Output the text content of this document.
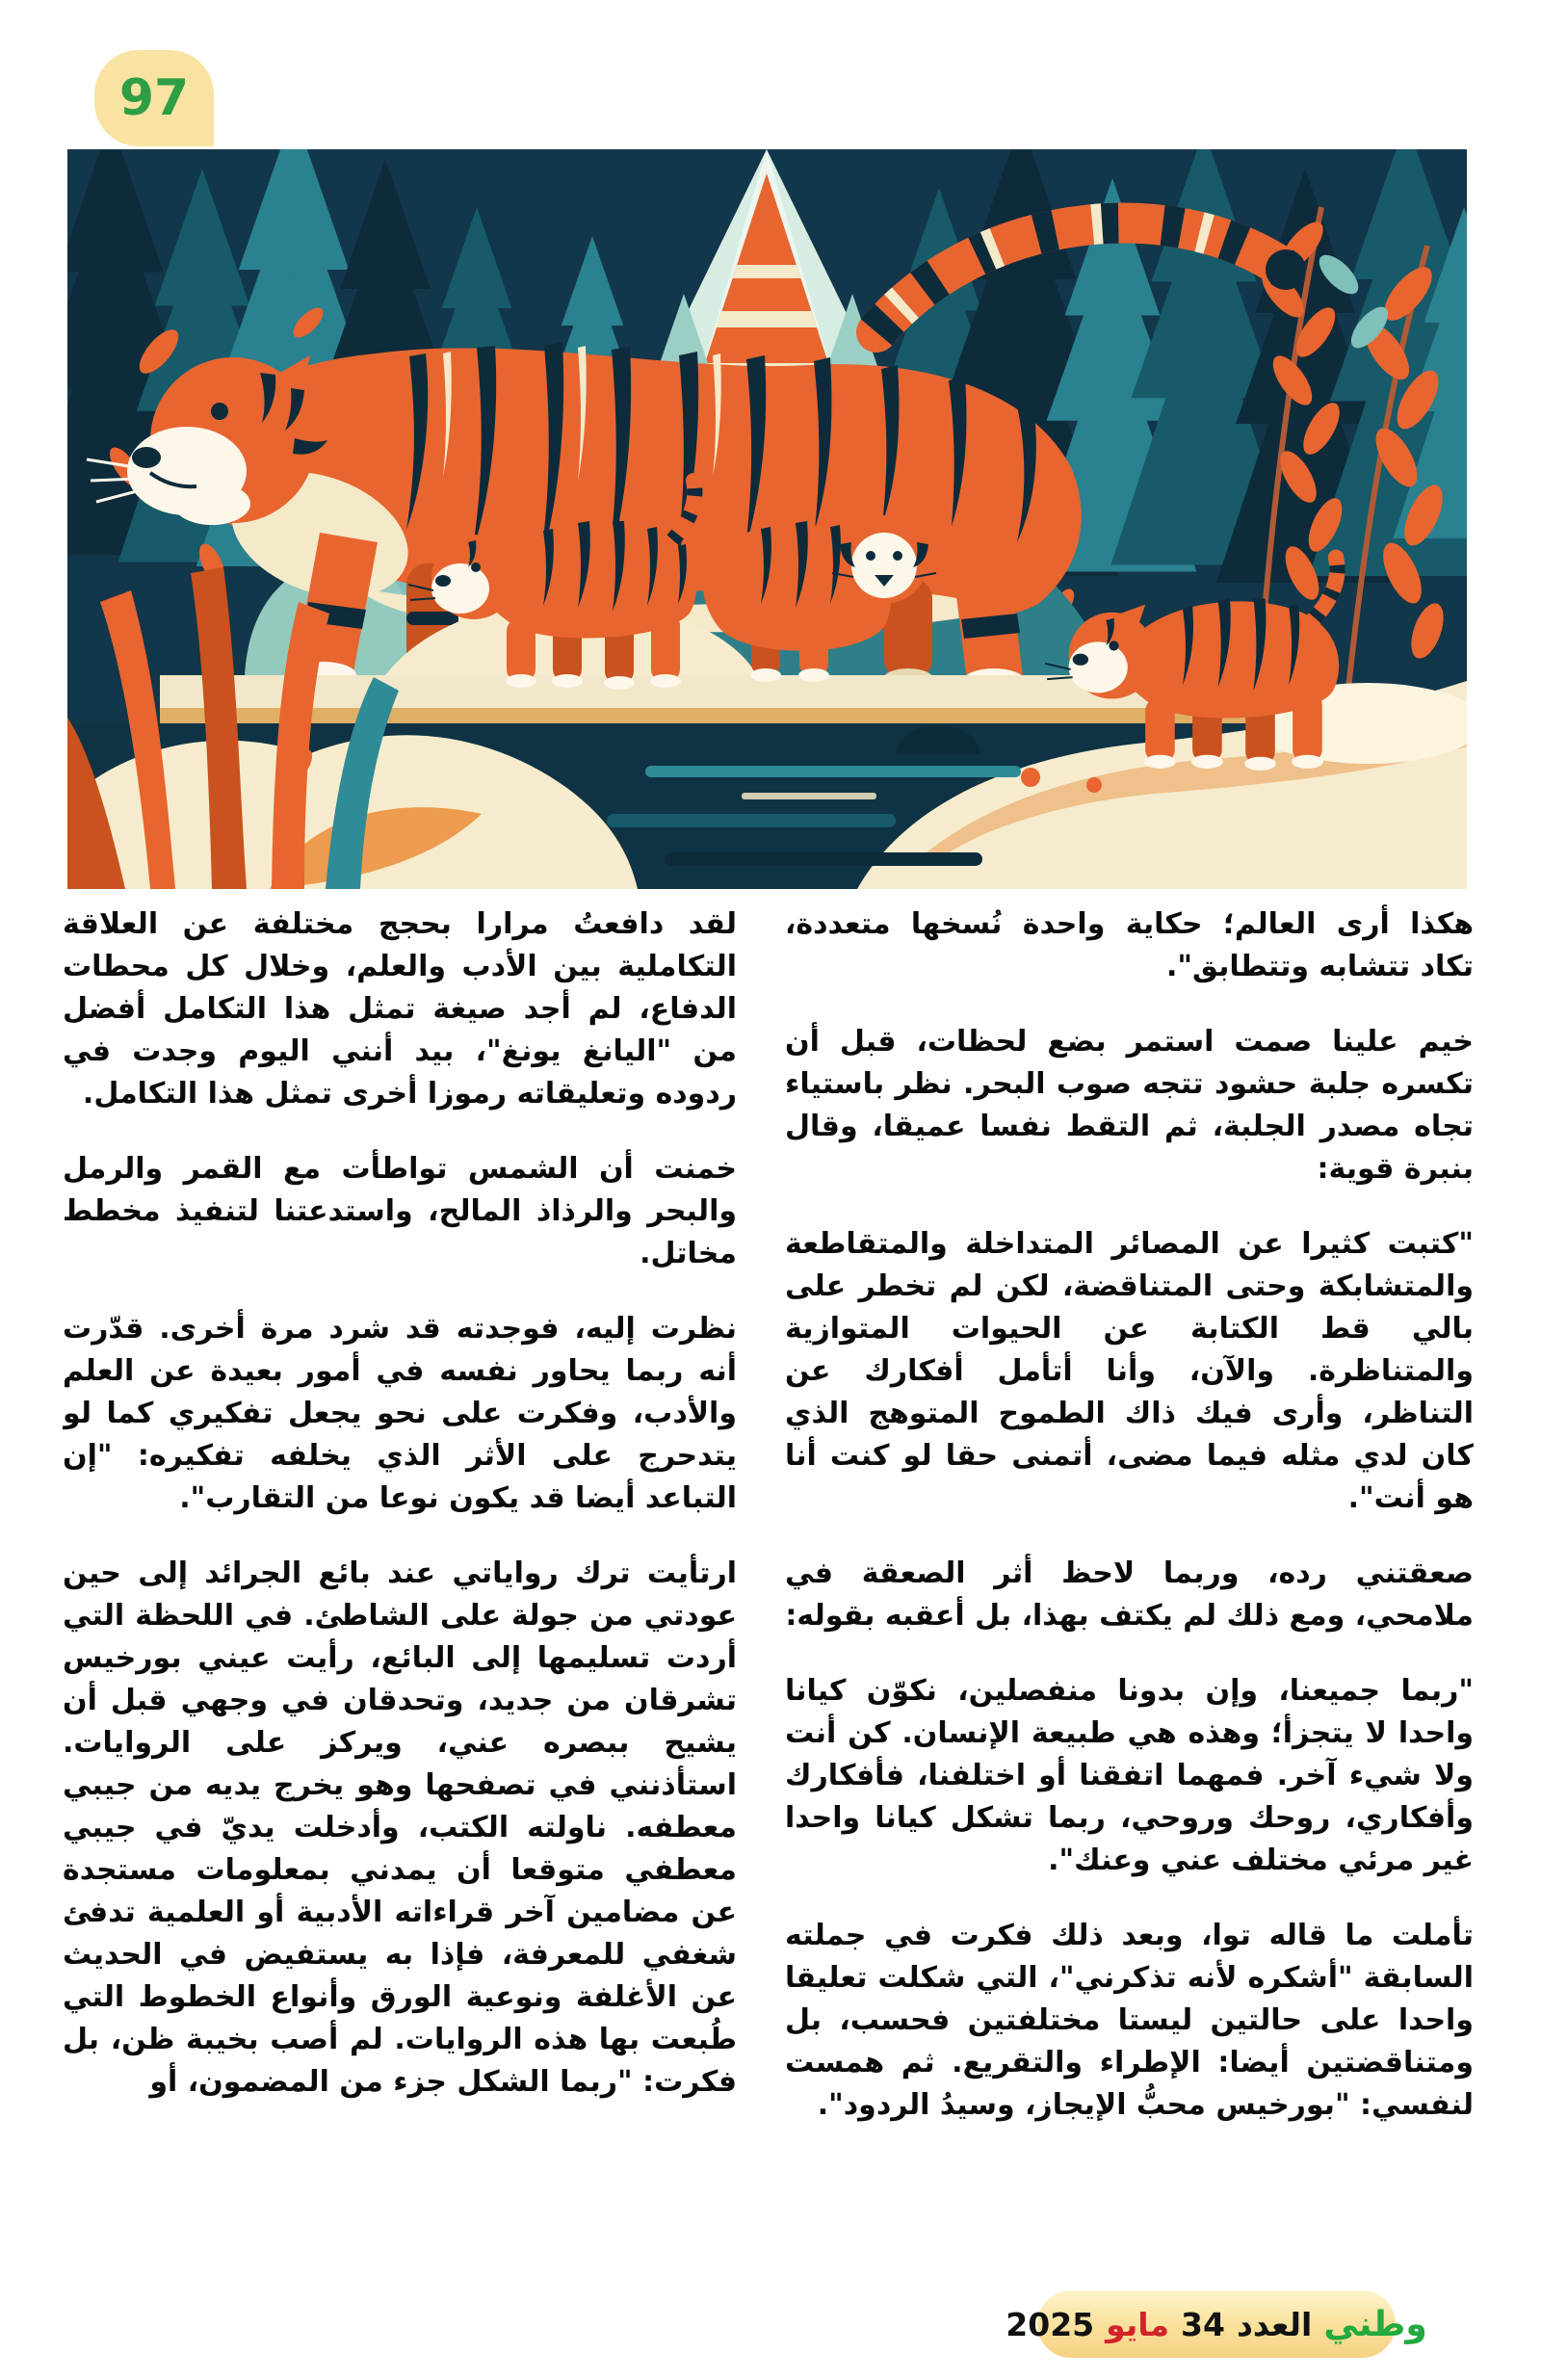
97

هكذا أرى العالم؛ حكاية واحدة نُسخها متعددة، تكاد تتشابه وتتطابق".

خيم علينا صمت استمر بضع لحظات، قبل أن تكسره جلبة حشود تتجه صوب البحر. نظر باستياء تجاه مصدر الجلبة، ثم التقط نفسا عميقا، وقال بنبرة قوية:

"كتبت كثيرا عن المصائر المتداخلة والمتقاطعة والمتشابكة وحتى المتناقضة، لكن لم تخطر على بالي قط الكتابة عن الحيوات المتوازية والمتناظرة. والآن، وأنا أتأمل أفكارك عن التناظر، وأرى فيك ذاك الطموح المتوهج الذي كان لدي مثله فيما مضى، أتمنى حقا لو كنت أنا هو أنت".

صعقتني رده، وربما لاحظ أثر الصعقة في ملامحي، ومع ذلك لم يكتف بهذا، بل أعقبه بقوله:

"ربما جميعنا، وإن بدونا منفصلين، نكوّن كيانا واحدا لا يتجزأ؛ وهذه هي طبيعة الإنسان. كن أنت ولا شيء آخر. فمهما اتفقنا أو اختلفنا، فأفكارك وأفكاري، روحك وروحي، ربما تشكل كيانا واحدا غير مرئي مختلف عني وعنك".

تأملت ما قاله توا، وبعد ذلك فكرت في جملته السابقة "أشكره لأنه تذكرني"، التي شكلت تعليقا واحدا على حالتين ليستا مختلفتين فحسب، بل ومتناقضتين أيضا: الإطراء والتقريع. ثم همست لنفسي: "بورخيس محبُّ الإيجاز، وسيدُ الردود".

لقد دافعتُ مرارا بحجج مختلفة عن العلاقة التكاملية بين الأدب والعلم، وخلال كل محطات الدفاع، لم أجد صيغة تمثل هذا التكامل أفضل من "اليانغ يونغ"، بيد أنني اليوم وجدت في ردوده وتعليقاته رموزا أخرى تمثل هذا التكامل.

خمنت أن الشمس تواطأت مع القمر والرمل والبحر والرذاذ المالح، واستدعتنا لتنفيذ مخطط مخاتل.

نظرت إليه، فوجدته قد شرد مرة أخرى. قدّرت أنه ربما يحاور نفسه في أمور بعيدة عن العلم والأدب، وفكرت على نحو يجعل تفكيري كما لو يتدحرج على الأثر الذي يخلفه تفكيره: "إن التباعد أيضا قد يكون نوعا من التقارب".

ارتأيت ترك رواياتي عند بائع الجرائد إلى حين عودتي من جولة على الشاطئ. في اللحظة التي أردت تسليمها إلى البائع، رأيت عيني بورخيس تشرقان من جديد، وتحدقان في وجهي قبل أن يشيح ببصره عني، ويركز على الروايات. استأذنني في تصفحها وهو يخرج يديه من جيبي معطفه. ناولته الكتب، وأدخلت يديّ في جيبي معطفي متوقعا أن يمدني بمعلومات مستجدة عن مضامين آخر قراءاته الأدبية أو العلمية تدفئ شغفي للمعرفة، فإذا به يستفيض في الحديث عن الأغلفة ونوعية الورق وأنواع الخطوط التي طُبعت بها هذه الروايات. لم أصب بخيبة ظن، بل فكرت: "ربما الشكل جزء من المضمون، أو

وطني
العدد
34
مايو
2025
